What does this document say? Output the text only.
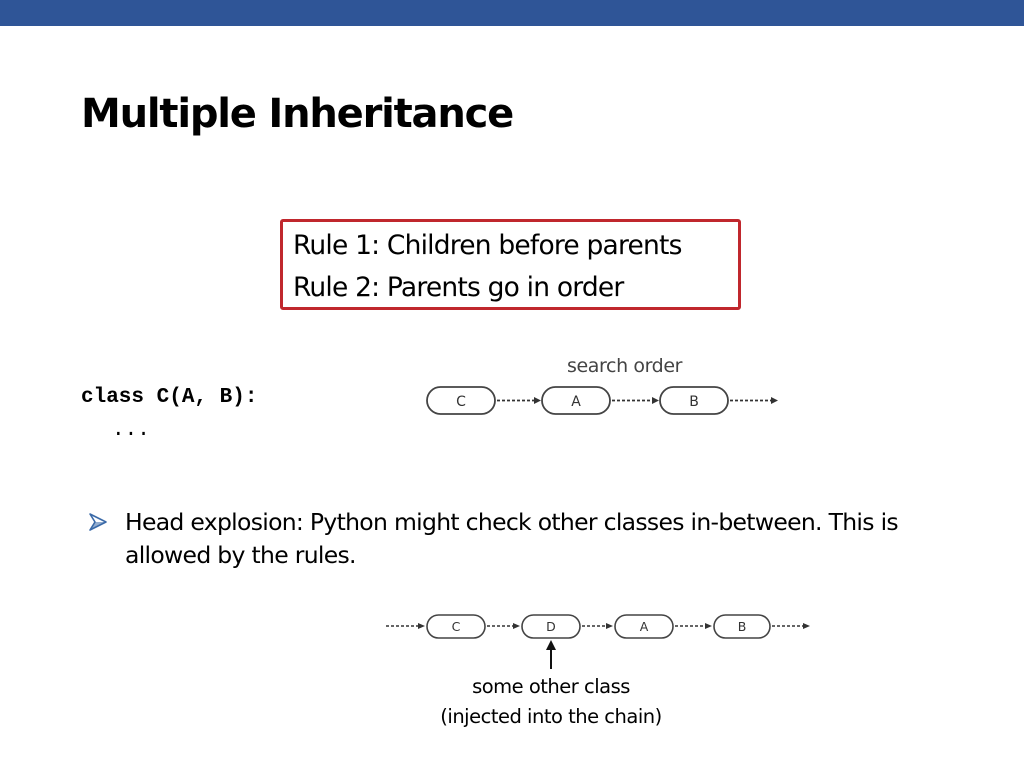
Multiple Inheritance
Rule 1: Children before parents
Rule 2: Parents go in order
class C(A, B):
...
search order
C	A	B
Head explosion: Python might check other classes in-between. This is allowed by the rules.
C	D	A	B
some other class
(injected into the chain)
